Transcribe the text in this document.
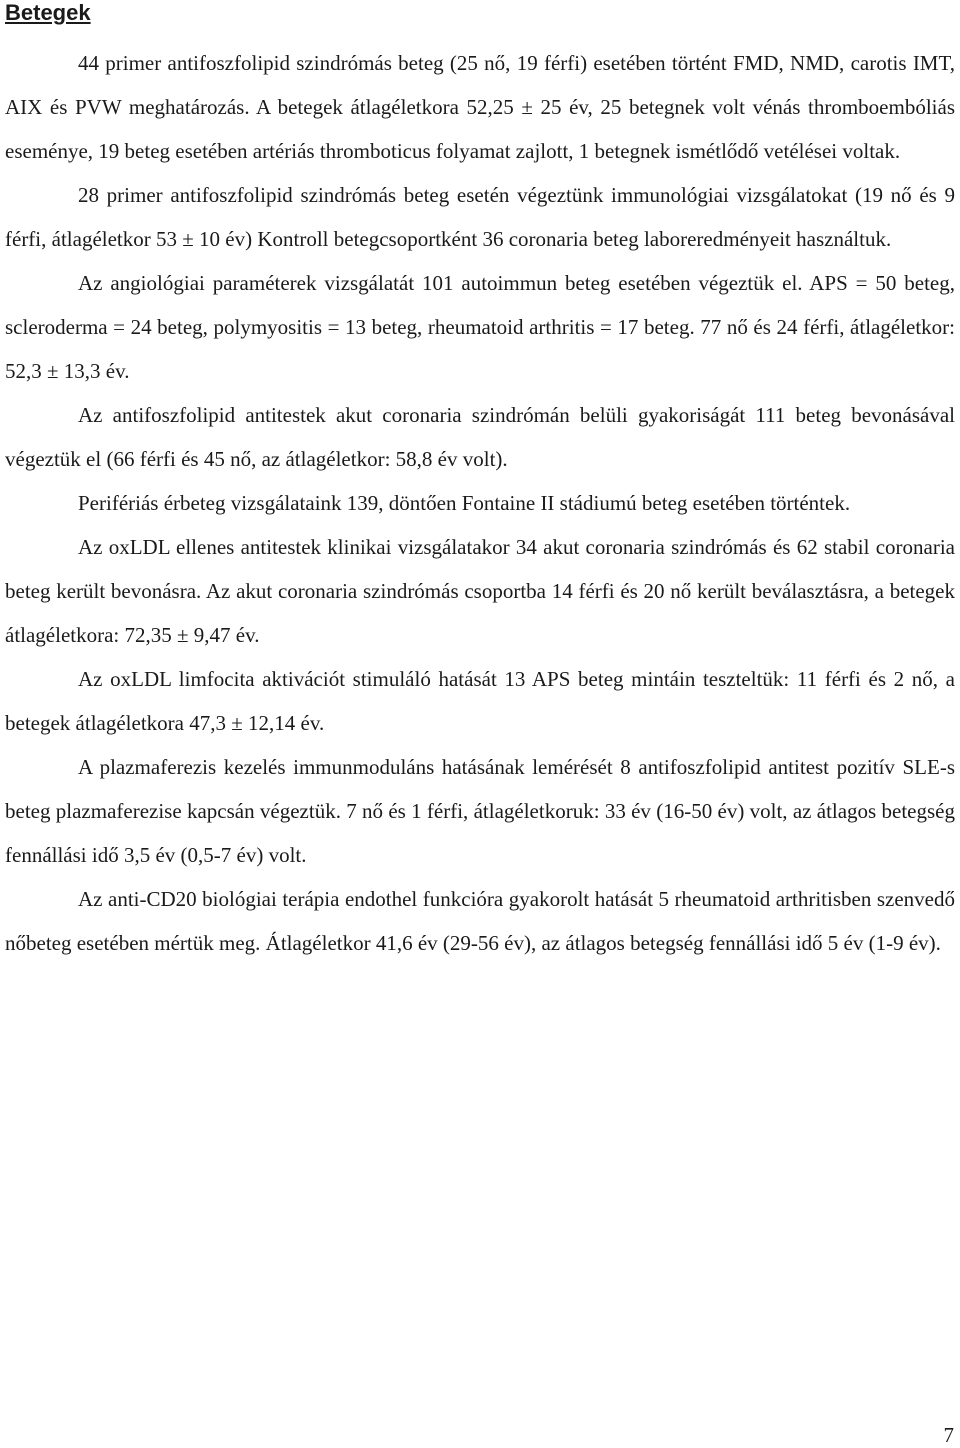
Betegek

44 primer antifoszfolipid szindrómás beteg (25 nő, 19 férfi) esetében történt FMD, NMD, carotis IMT, AIX és PVW meghatározás. A betegek átlagéletkora 52,25 ± 25 év, 25 betegnek volt vénás thromboembóliás eseménye, 19 beteg esetében artériás thromboticus folyamat zajlott, 1 betegnek ismétlődő vetélései voltak.

28 primer antifoszfolipid szindrómás beteg esetén végeztünk immunológiai vizsgálatokat (19 nő és 9 férfi, átlagéletkor 53 ± 10 év) Kontroll betegcsoportként 36 coronaria beteg laboreredményeit használtuk.

Az angiológiai paraméterek vizsgálatát 101 autoimmun beteg esetében végeztük el. APS = 50 beteg, scleroderma = 24 beteg, polymyositis = 13 beteg, rheumatoid arthritis = 17 beteg. 77 nő és 24 férfi, átlagéletkor: 52,3 ± 13,3 év.

Az antifoszfolipid antitestek akut coronaria szindrómán belüli gyakoriságát 111 beteg bevonásával végeztük el (66 férfi és 45 nő, az átlagéletkor: 58,8 év volt).

Perifériás érbeteg vizsgálataink 139, döntően Fontaine II stádiumú beteg esetében történtek.

Az oxLDL ellenes antitestek klinikai vizsgálatakor 34 akut coronaria szindrómás és 62 stabil coronaria beteg került bevonásra. Az akut coronaria szindrómás csoportba 14 férfi és 20 nő került beválasztásra, a betegek átlagéletkora: 72,35 ± 9,47 év.

Az oxLDL limfocita aktivációt stimuláló hatását 13 APS beteg mintáin teszteltük: 11 férfi és 2 nő, a betegek átlagéletkora 47,3 ± 12,14 év.

A plazmaferezis kezelés immunmoduláns hatásának lemérését 8 antifoszfolipid antitest pozitív SLE-s beteg plazmaferezise kapcsán végeztük. 7 nő és 1 férfi, átlagéletkoruk: 33 év (16-50 év) volt, az átlagos betegség fennállási idő 3,5 év (0,5-7 év) volt.

Az anti-CD20 biológiai terápia endothel funkcióra gyakorolt hatását 5 rheumatoid arthritisben szenvedő nőbeteg esetében mértük meg. Átlagéletkor 41,6 év (29-56 év), az átlagos betegség fennállási idő 5 év (1-9 év).

7
